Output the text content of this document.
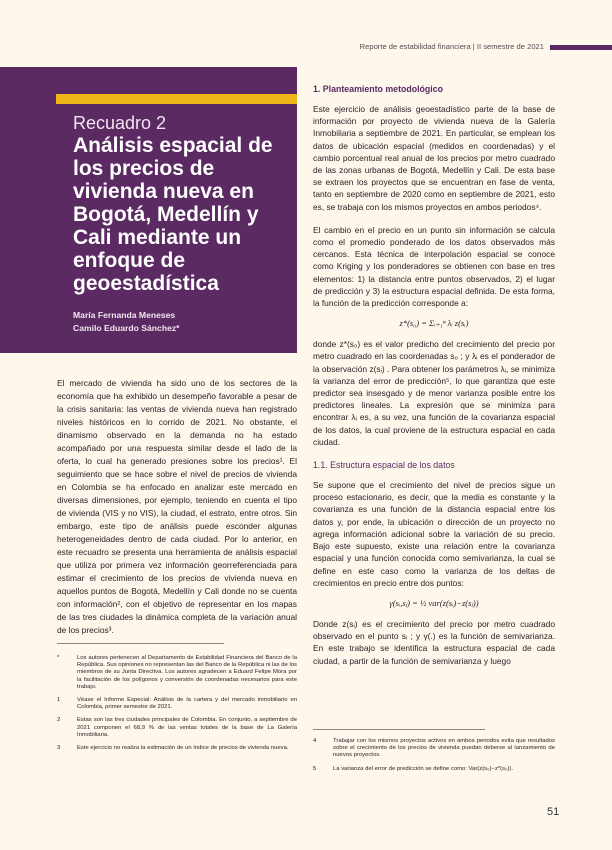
Reporte de estabilidad financiera | II semestre de 2021
Recuadro 2
Análisis espacial de los precios de vivienda nueva en Bogotá, Medellín y Cali mediante un enfoque de geoestadística
María Fernanda Meneses
Camilo Eduardo Sánchez*
El mercado de vivienda ha sido uno de los sectores de la economía que ha exhibido un desempeño favorable a pesar de la crisis sanitaria: las ventas de vivienda nueva han registrado niveles históricos en lo corrido de 2021. No obstante, el dinamismo observado en la demanda no ha estado acompañado por una respuesta similar desde el lado de la oferta, lo cual ha generado presiones sobre los precios¹. El seguimiento que se hace sobre el nivel de precios de vivienda en Colombia se ha enfocado en analizar este mercado en diversas dimensiones, por ejemplo, teniendo en cuenta el tipo de vivienda (VIS y no VIS), la ciudad, el estrato, entre otros. Sin embargo, este tipo de análisis puede esconder algunas heterogeneidades dentro de cada ciudad. Por lo anterior, en este recuadro se presenta una herramienta de análisis espacial que utiliza por primera vez información georreferenciada para estimar el crecimiento de los precios de vivienda nueva en aquellos puntos de Bogotá, Medellín y Cali donde no se cuenta con información², con el objetivo de representar en los mapas de las tres ciudades la dinámica completa de la variación anual de los precios³.
1. Planteamiento metodológico
Este ejercicio de análisis geoestadístico parte de la base de información por proyecto de vivienda nueva de la Galería Inmobiliaria a septiembre de 2021. En particular, se emplean los datos de ubicación espacial (medidos en coordenadas) y el cambio porcentual real anual de los precios por metro cuadrado de las zonas urbanas de Bogotá, Medellín y Cali. De esta base se extraen los proyectos que se encuentran en fase de venta, tanto en septiembre de 2020 como en septiembre de 2021, esto es, se trabaja con los mismos proyectos en ambos periodos⁴.
El cambio en el precio en un punto sin información se calcula como el promedio ponderado de los datos observados más cercanos. Esta técnica de interpolación espacial se conoce como Kriging y los ponderadores se obtienen con base en tres elementos: 1) la distancia entre puntos observados, 2) el lugar de predicción y 3) la estructura espacial definida. De esta forma, la función de la predicción corresponde a:
z*(s₀) = Σᵢ₌₁ⁿ λᵢ z(sᵢ)
donde z*(s₀) es el valor predicho del crecimiento del precio por metro cuadrado en las coordenadas s₀ ; y λᵢ es el ponderador de la observación z(sᵢ) . Para obtener los parámetros λᵢ, se minimiza la varianza del error de predicción⁵, lo que garantiza que este predictor sea insesgado y de menor varianza posible entre los predictores lineales. La expresión que se minimiza para encontrar λᵢ es, a su vez, una función de la covarianza espacial de los datos, la cual proviene de la estructura espacial en cada ciudad.
1.1. Estructura espacial de los datos
Se supone que el crecimiento del nivel de precios sigue un proceso estacionario, es decir, que la media es constante y la covarianza es una función de la distancia espacial entre los datos y, por ende, la ubicación o dirección de un proyecto no agrega información adicional sobre la variación de su precio. Bajo este supuesto, existe una relación entre la covarianza espacial y una función conocida como semivarianza, la cual se define en este caso como la varianza de los deltas de crecimientos en precio entre dos puntos:
γ(sᵢ,sⱼ) = ½ var(z(sᵢ)−z(sⱼ))
Donde z(sᵢ) es el crecimiento del precio por metro cuadrado observado en el punto sᵢ ; y γ(.) es la función de semivarianza. En este trabajo se identifica la estructura espacial de cada ciudad, a partir de la función de semivarianza y luego
*	Los autores pertenecen al Departamento de Estabilidad Financiera del Banco de la República. Sus opiniones no representan las del Banco de la República ni las de los miembros de su Junta Directiva. Los autores agradecen a Eduard Felipe Mora por la facilitación de los polígonos y conversión de coordenadas necesarios para este trabajo.
1	Véase el Informe Especial: Análisis de la cartera y del mercado inmobiliario en Colombia, primer semestre de 2021.
2	Estas son las tres ciudades principales de Colombia. En conjunto, a septiembre de 2021 componen el 68,9 % de las ventas totales de la base de La Galería Inmobiliaria.
3	Este ejercicio no realiza la estimación de un índice de precios de vivienda nueva.
4	Trabajar con los mismos proyectos activos en ambos periodos evita que resultados sobre el crecimiento de los precios de vivienda puedan deberse al lanzamiento de nuevos proyectos.
5	La varianza del error de predicción se define como: Var(z(s₀)−z*(s₀)).
51
